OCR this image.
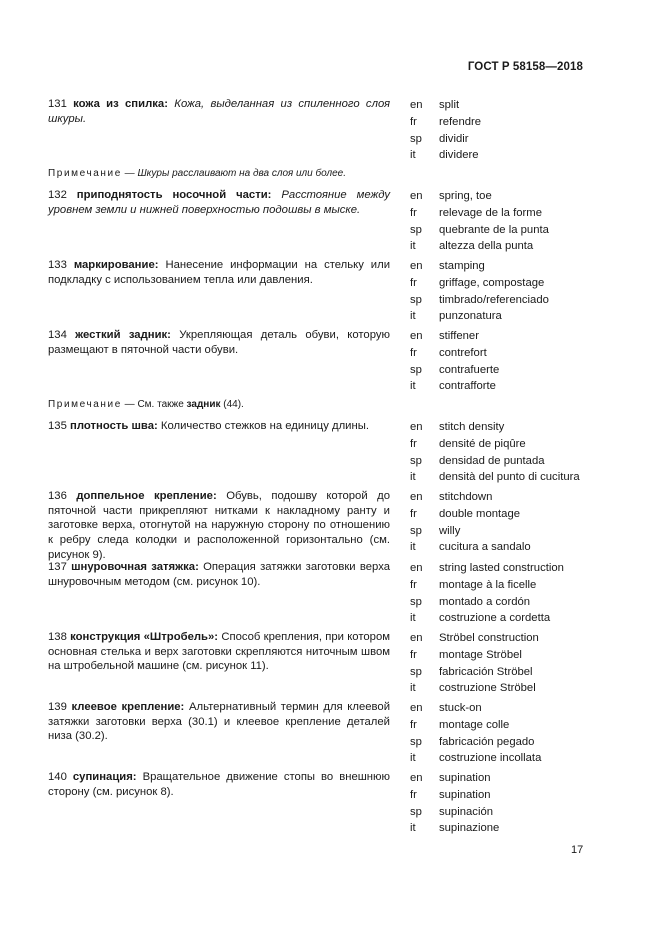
ГОСТ Р 58158—2018
131 кожа из спилка: Кожа, выделанная из спиленного слоя шкуры.
en split
fr refendre
sp dividir
it dividere
Примечание — Шкуры расслаивают на два слоя или более.
132 приподнятость носочной части: Расстояние между уровнем земли и нижней поверхностью подошвы в мыске.
en spring, toe
fr relevage de la forme
sp quebrante de la punta
it altezza della punta
133 маркирование: Нанесение информации на стельку или подкладку с использованием тепла или давления.
en stamping
fr griffage, compostage
sp timbrado/referenciado
it punzonatura
134 жесткий задник: Укрепляющая деталь обуви, которую размещают в пяточной части обуви.
en stiffener
fr contrefort
sp contrafuerte
it contrafforte
Примечание — См. также задник (44).
135 плотность шва: Количество стежков на единицу длины.	en stitch density
fr densité de piqûre
sp densidad de puntada
it densità del punto di cucitura
136 доппельное крепление: Обувь, подошву которой до пяточной части прикрепляют нитками к накладному ранту и заготовке верха, отогнутой на наружную сторону по отношению к ребру следа колодки и расположенной горизонтально (см. рисунок 9).
en stitchdown
fr double montage
sp willy
it cucitura a sandalo
137 шнуровочная затяжка: Операция затяжки заготовки верха шнуровочным методом (см. рисунок 10).
en string lasted construction
fr montage à la ficelle
sp montado a cordón
it costruzione a cordetta
138 конструкция «Штробель»: Способ крепления, при котором основная стелька и верх заготовки скрепляются ниточным швом на штробельной машине (см. рисунок 11).
en Ströbel construction
fr montage Ströbel
sp fabricación Ströbel
it costruzione Ströbel
139 клеевое крепление: Альтернативный термин для клеевой затяжки заготовки верха (30.1) и клеевое крепление деталей низа (30.2).
en stuck-on
fr montage colle
sp fabricación pegado
it costruzione incollata
140 супинация: Вращательное движение стопы во внешнюю сторону (см. рисунок 8).
en supination
fr supination
sp supinación
it supinazione
17
